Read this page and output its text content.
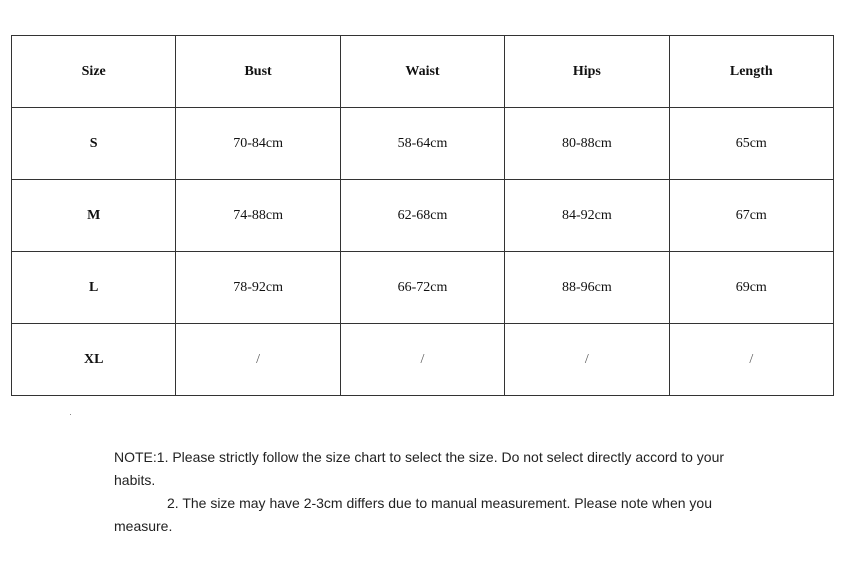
Size	Bust	Waist	Hips	Length
S	70-84cm	58-64cm	80-88cm	65cm
M	74-88cm	62-68cm	84-92cm	67cm
L	78-92cm	66-72cm	88-96cm	69cm
XL	/	/	/	/

NOTE:1. Please strictly follow the size chart to select the size. Do not select directly accord to your habits.

2. The size may have 2-3cm differs due to manual measurement. Please note when you measure.
